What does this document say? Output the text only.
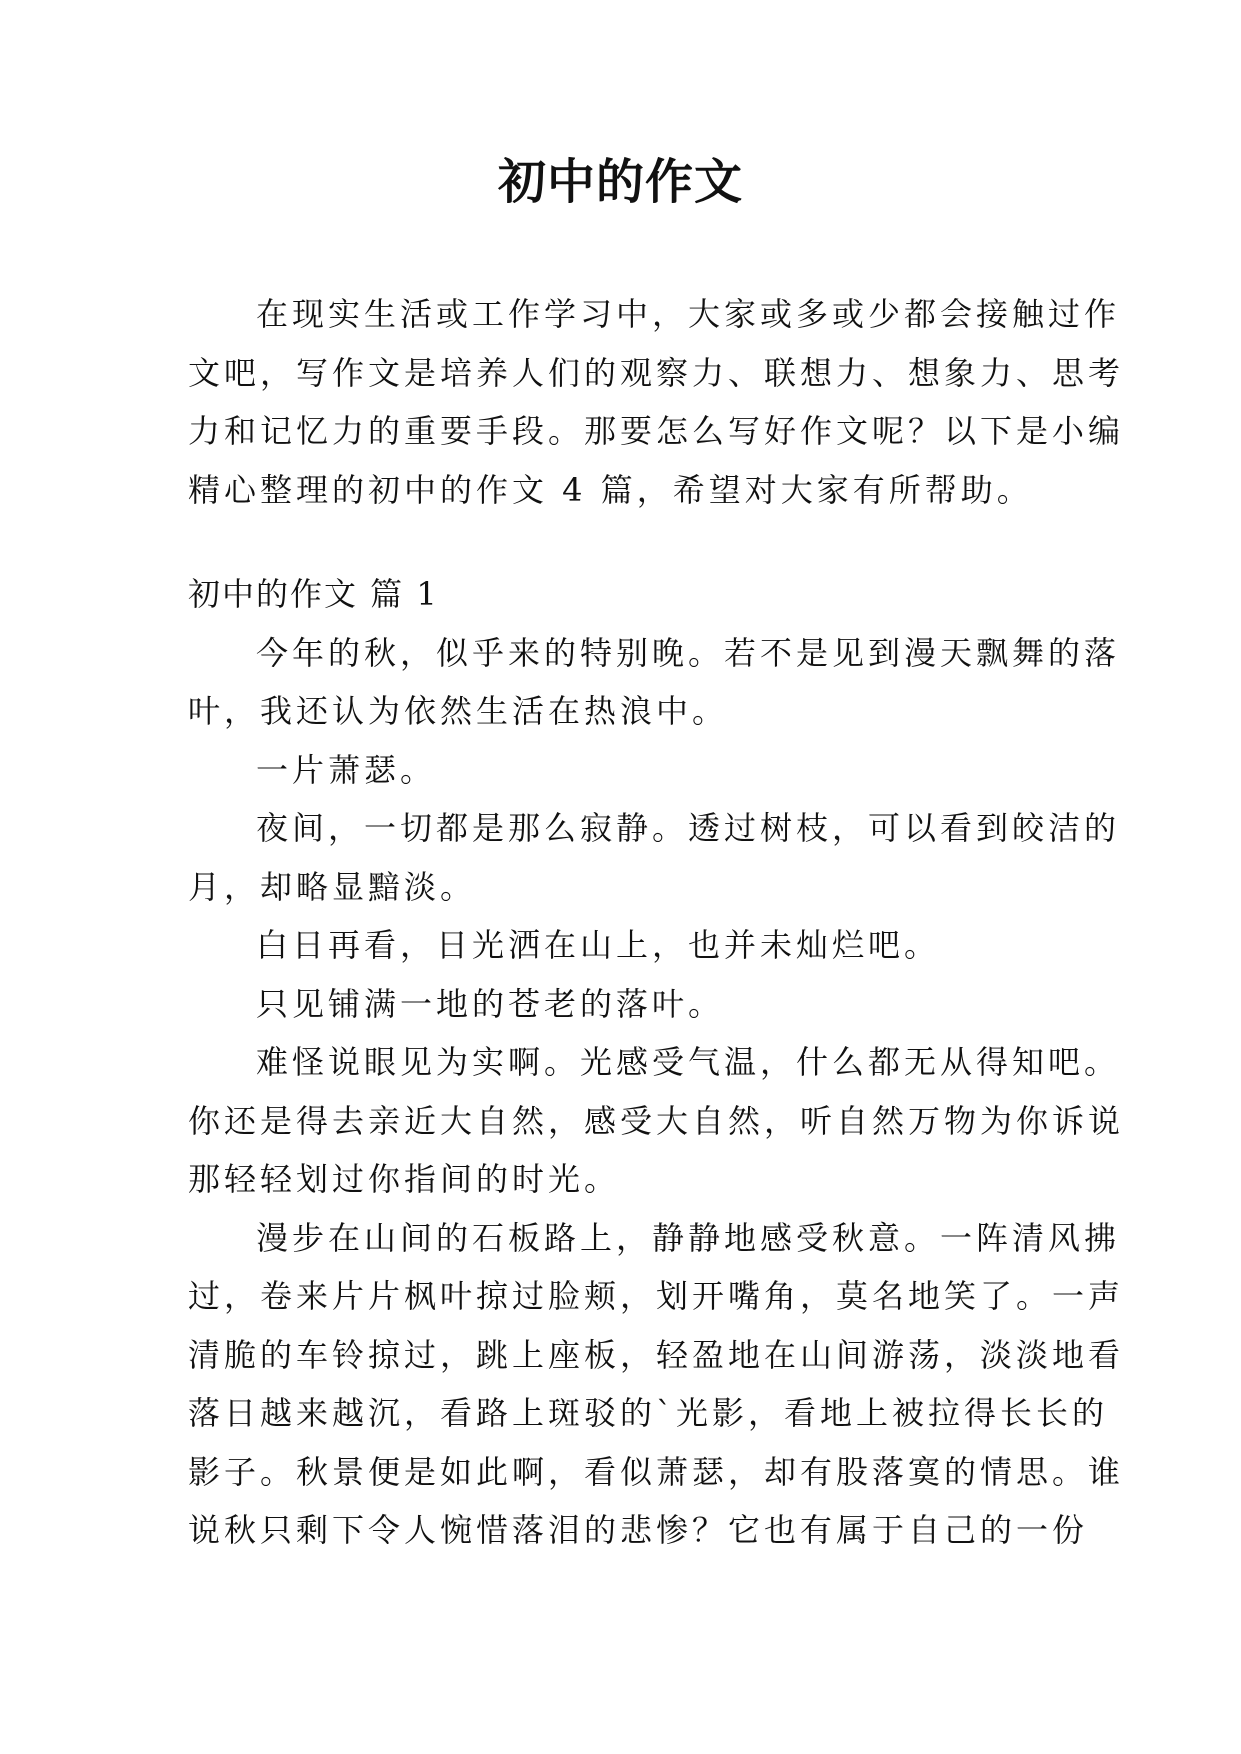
初中的作文
在现实生活或工作学习中，大家或多或少都会接触过作
文吧，写作文是培养人们的观察力、联想力、想象力、思考
力和记忆力的重要手段。那要怎么写好作文呢？以下是小编
精心整理的初中的作文 4 篇，希望对大家有所帮助。
初中的作文 篇 1
今年的秋，似乎来的特别晚。若不是见到漫天飘舞的落
叶，我还认为依然生活在热浪中。
一片萧瑟。
夜间，一切都是那么寂静。透过树枝，可以看到皎洁的
月，却略显黯淡。
白日再看，日光洒在山上，也并未灿烂吧。
只见铺满一地的苍老的落叶。
难怪说眼见为实啊。光感受气温，什么都无从得知吧。
你还是得去亲近大自然，感受大自然，听自然万物为你诉说
那轻轻划过你指间的时光。
漫步在山间的石板路上，静静地感受秋意。一阵清风拂
过，卷来片片枫叶掠过脸颊，划开嘴角，莫名地笑了。一声
清脆的车铃掠过，跳上座板，轻盈地在山间游荡，淡淡地看
落日越来越沉，看路上斑驳的`光影，看地上被拉得长长的
影子。秋景便是如此啊，看似萧瑟，却有股落寞的情思。谁
说秋只剩下令人惋惜落泪的悲惨？它也有属于自己的一份
